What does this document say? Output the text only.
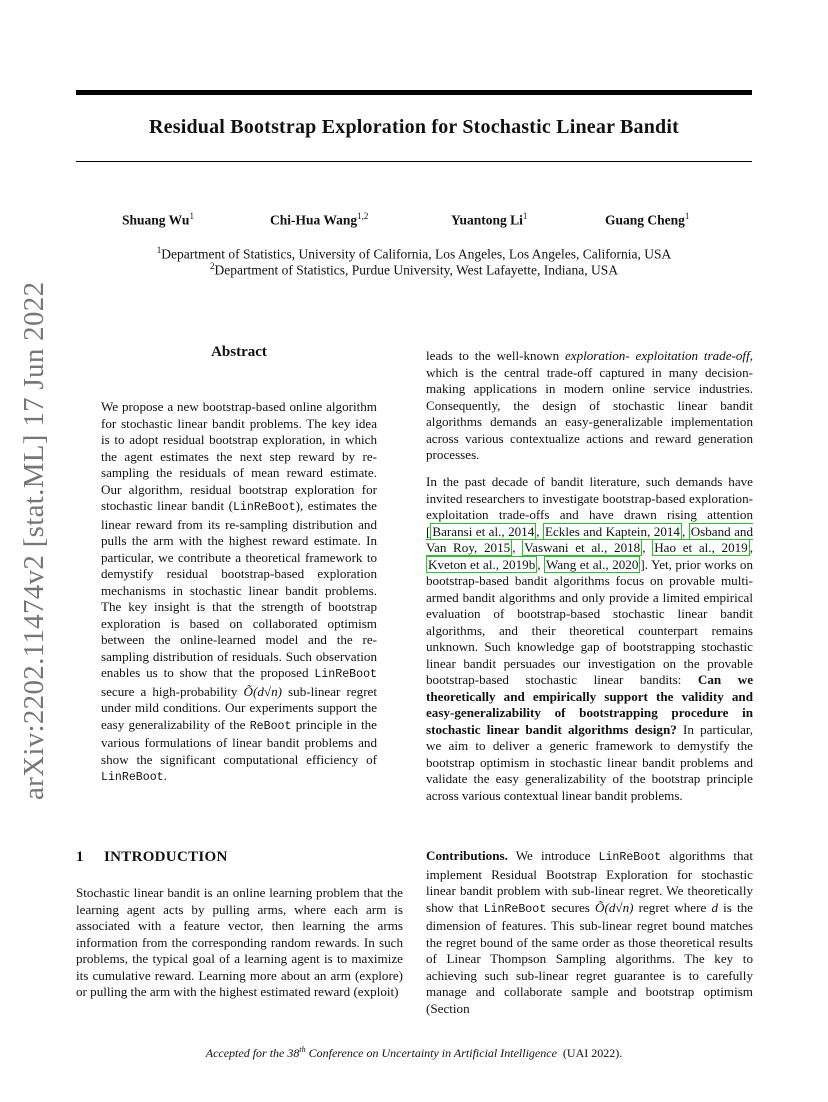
Residual Bootstrap Exploration for Stochastic Linear Bandit
Shuang Wu$^1$	Chi-Hua Wang$^{1,2}$	Yuantong Li$^1$	Guang Cheng$^1$
$^1$Department of Statistics, University of California, Los Angeles, Los Angeles, California, USA
$^2$Department of Statistics, Purdue University, West Lafayette, Indiana, USA
arXiv:2202.11474v2 [stat.ML] 17 Jun 2022	Abstract

We propose a new bootstrap-based online algorithm for stochastic linear bandit problems. The key idea is to adopt residual bootstrap exploration, in which the agent estimates the next step reward by re-sampling the residuals of mean reward estimate. Our algorithm, residual bootstrap exploration for stochastic linear bandit (LinReBoot), estimates the linear reward from its re-sampling distribution and pulls the arm with the highest reward estimate. In particular, we contribute a theoretical framework to demystify residual bootstrap-based exploration mechanisms in stochastic linear bandit problems. The key insight is that the strength of bootstrap exploration is based on collaborated optimism between the online-learned model and the re-sampling distribution of residuals. Such observation enables us to show that the proposed LinReBoot secure a high-probability Õ(d√n) sub-linear regret under mild conditions. Our experiments support the easy generalizability of the ReBoot principle in the various formulations of linear bandit problems and show the significant computational efficiency of LinReBoot.

1 INTRODUCTION
Stochastic linear bandit is an online learning problem that the learning agent acts by pulling arms, where each arm is associated with a feature vector, then learning the arms information from the corresponding random rewards. In such problems, the typical goal of a learning agent is to maximize its cumulative reward. Learning more about an arm (explore) or pulling the arm with the highest estimated reward (exploit)

leads to the well-known exploration- exploitation trade-off, which is the central trade-off captured in many decision-making applications in modern online service industries. Consequently, the design of stochastic linear bandit algorithms demands an easy-generalizable implementation across various contextualize actions and reward generation processes.

In the past decade of bandit literature, such demands have invited researchers to investigate bootstrap-based exploration-exploitation trade-offs and have drawn rising attention [ Baransi et al., 2014 , Eckles and Kaptein, 2014 , Osband and Van Roy, 2015 , Vaswani et al., 2018 , Hao et al., 2019 , Kveton et al., 2019b , Wang et al., 2020 ]. Yet, prior works on bootstrap-based bandit algorithms focus on provable multi-armed bandit algorithms and only provide a limited empirical evaluation of bootstrap-based stochastic linear bandit algorithms, and their theoretical counterpart remains unknown. Such knowledge gap of bootstrapping stochastic linear bandit persuades our investigation on the provable bootstrap-based stochastic linear bandits: Can we theoretically and empirically support the validity and easy-generalizability of bootstrapping procedure in stochastic linear bandit algorithms design? In particular, we aim to deliver a generic framework to demystify the bootstrap optimism in stochastic linear bandit problems and validate the easy generalizability of the bootstrap principle across various contextual linear bandit problems.

Contributions. We introduce LinReBoot algorithms that implement Residual Bootstrap Exploration for stochastic linear bandit problem with sub-linear regret. We theoretically show that LinReBoot secures Õ(d√n) regret where d is the dimension of features. This sub-linear regret bound matches the regret bound of the same order as those theoretical results of Linear Thompson Sampling algorithms. The key to achieving such sub-linear regret guarantee is to carefully manage and collaborate sample and bootstrap optimism (Section

Accepted for the 38th Conference on Uncertainty in Artificial Intelligence (UAI 2022).
